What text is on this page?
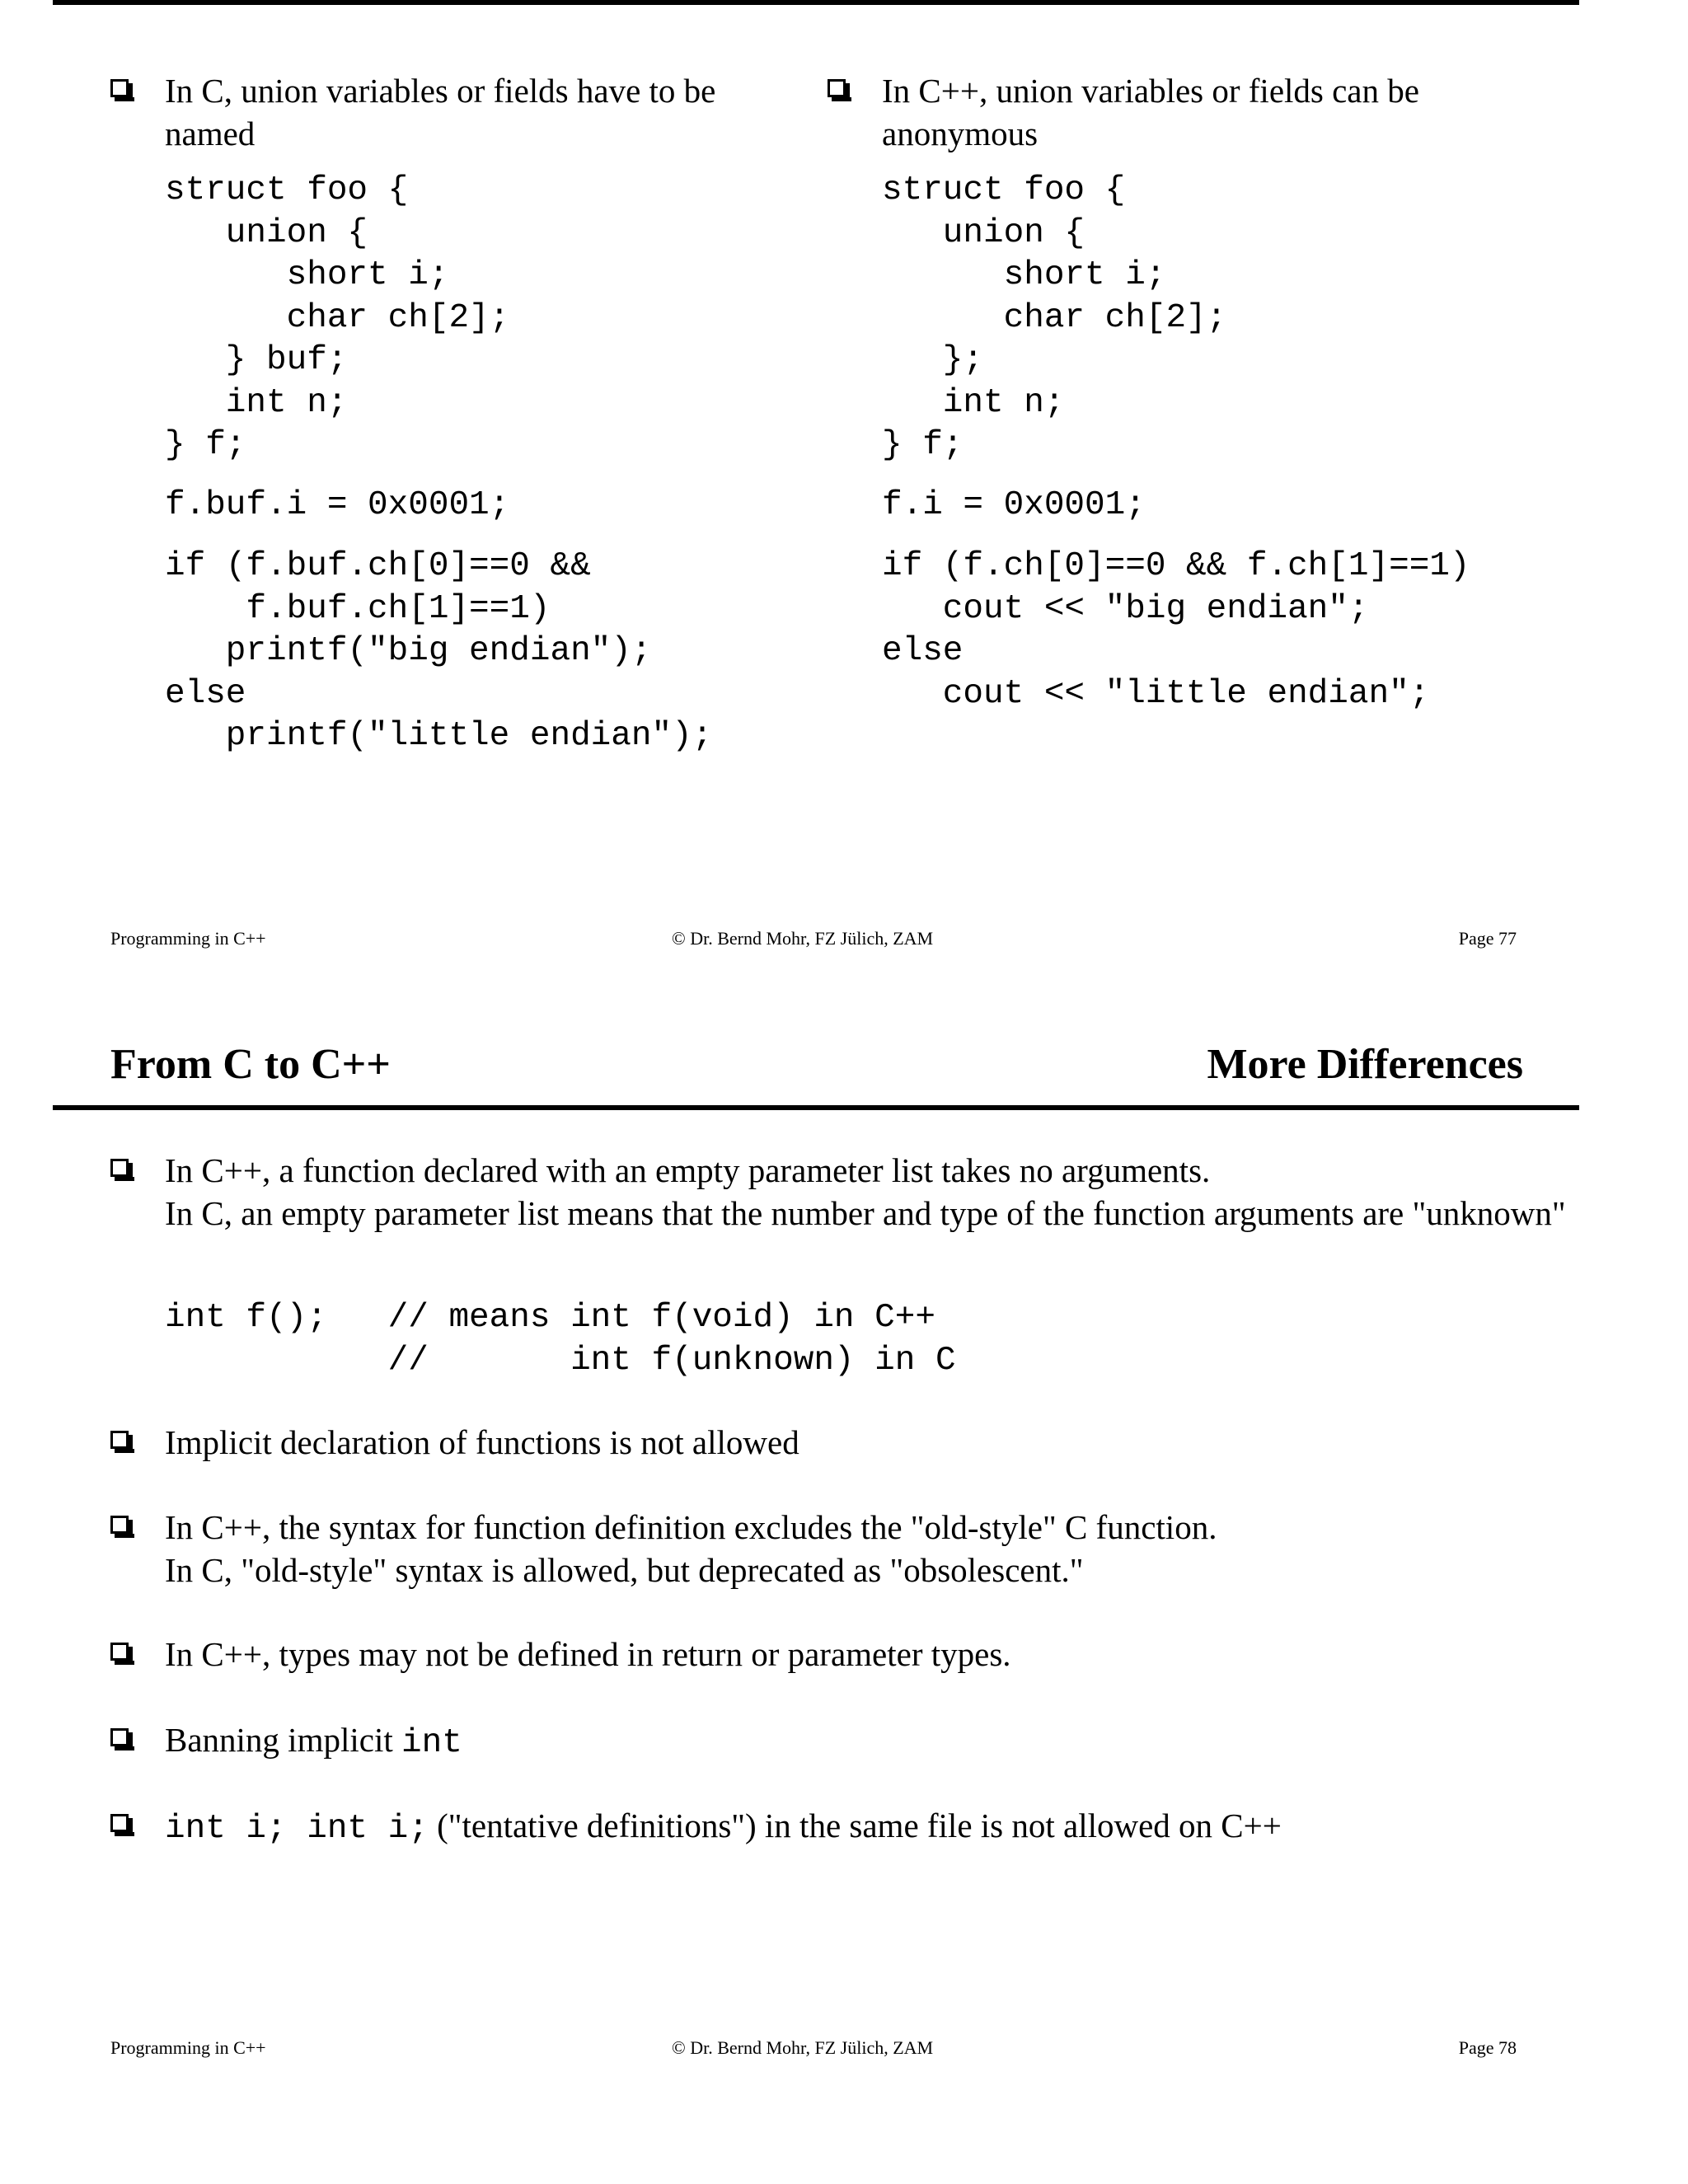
In C, union variables or fields have to be named
In C++, union variables or fields can be anonymous
struct foo {
union {
short i;
char ch[2];
} buf;
int n;
} f;
f.buf.i = 0x0001;
if (f.buf.ch[0]==0 &&
f.buf.ch[1]==1)
printf("big endian");
else
printf("little endian");
struct foo {
union {
short i;
char ch[2];
};
int n;
} f;
f.i = 0x0001;
if (f.ch[0]==0 && f.ch[1]==1)
cout << "big endian";
else
cout << "little endian";
Programming in C++	© Dr. Bernd Mohr, FZ Jülich, ZAM	Page 77
From C to C++	More Differences
In C++, a function declared with an empty parameter list takes no arguments.
In C, an empty parameter list means that the number and type of the function arguments are "unknown"
int f();   // means int f(void) in C++
//       int f(unknown) in C
Implicit declaration of functions is not allowed
In C++, the syntax for function definition excludes the "old-style" C function.
In C, "old-style" syntax is allowed, but deprecated as "obsolescent."
In C++, types may not be defined in return or parameter types.
Banning implicit int
int i; int i; ("tentative definitions") in the same file is not allowed on C++
Programming in C++	© Dr. Bernd Mohr, FZ Jülich, ZAM	Page 78
